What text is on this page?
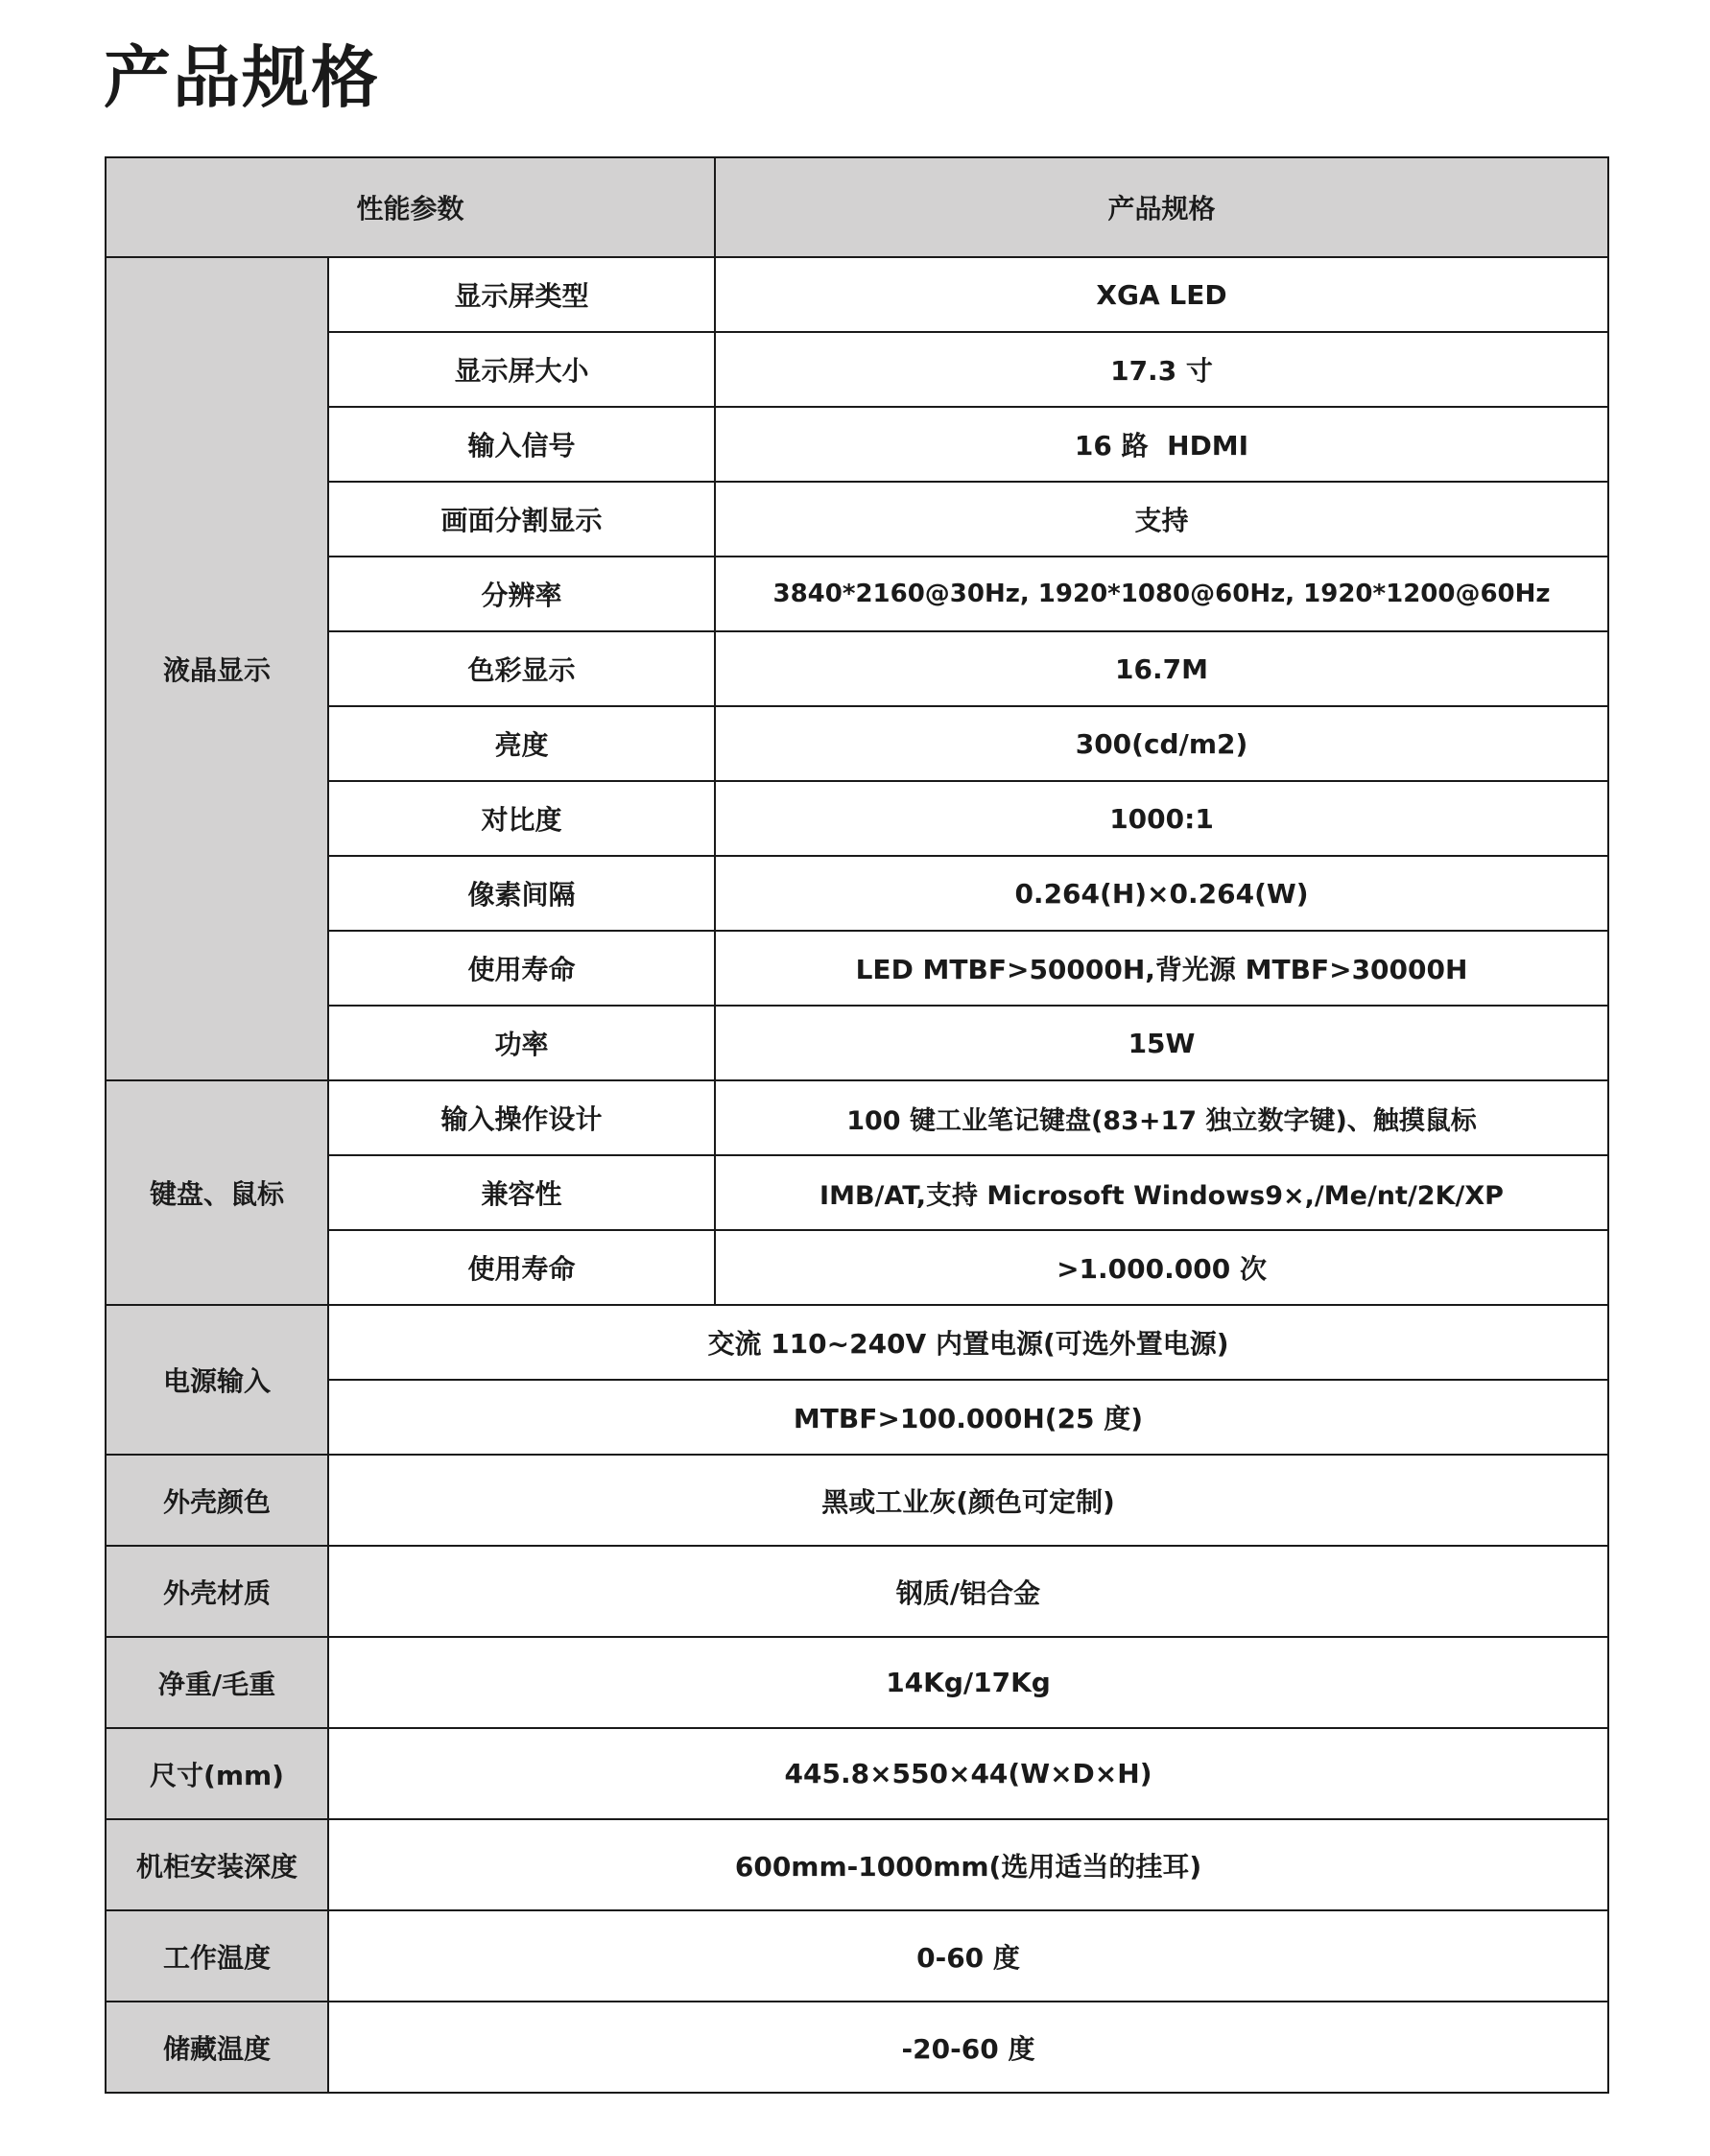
产品规格
性能参数		产品规格
液晶显示	显示屏类型	XGA LED
	显示屏大小	17.3 寸
	输入信号	16 路  HDMI
	画面分割显示	支持
	分辨率	3840*2160@30Hz, 1920*1080@60Hz, 1920*1200@60Hz
	色彩显示	16.7M
	亮度	300(cd/m2)
	对比度	1000:1
	像素间隔	0.264(H)×0.264(W)
	使用寿命	LED MTBF>50000H,背光源 MTBF>30000H
	功率	15W
键盘、鼠标	输入操作设计	100 键工业笔记键盘(83+17 独立数字键)、触摸鼠标
	兼容性	IMB/AT,支持 Microsoft Windows9×,/Me/nt/2K/XP
	使用寿命	>1.000.000 次
电源输入	交流 110~240V 内置电源(可选外置电源)	
	MTBF>100.000H(25 度)	
外壳颜色	黑或工业灰(颜色可定制)	
外壳材质	钢质/铝合金	
净重/毛重	14Kg/17Kg	
尺寸(mm)	445.8×550×44(W×D×H)	
机柜安装深度	600mm-1000mm(选用适当的挂耳)	
工作温度	0-60 度	
储藏温度	-20-60 度	
